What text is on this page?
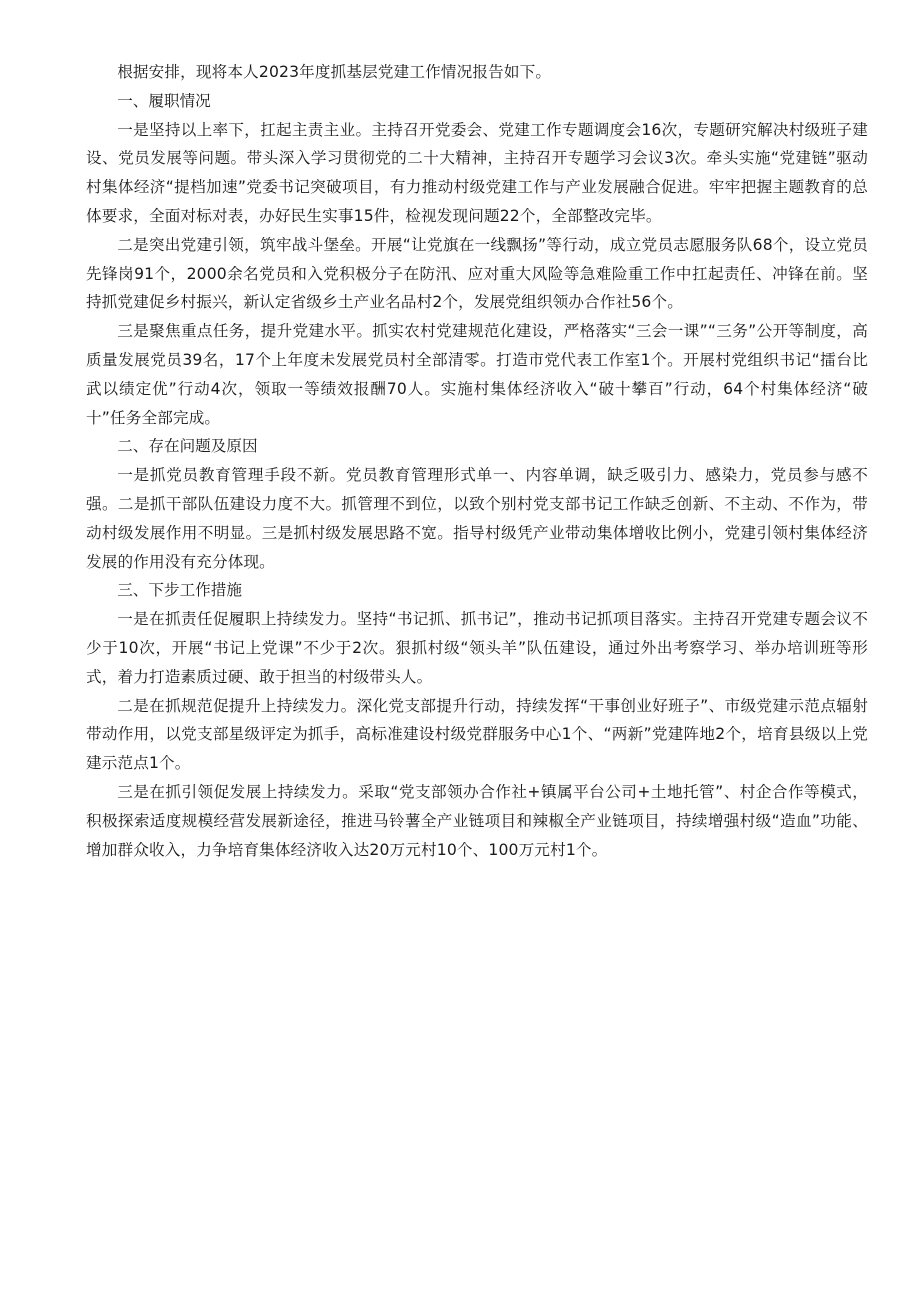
根据安排，现将本人2023年度抓基层党建工作情况报告如下。

一、履职情况

一是坚持以上率下，扛起主责主业。主持召开党委会、党建工作专题调度会16次，专题研究解决村级班子建设、党员发展等问题。带头深入学习贯彻党的二十大精神，主持召开专题学习会议3次。牵头实施“党建链”驱动村集体经济“提档加速”党委书记突破项目，有力推动村级党建工作与产业发展融合促进。牢牢把握主题教育的总体要求，全面对标对表，办好民生实事15件，检视发现问题22个，全部整改完毕。

二是突出党建引领，筑牢战斗堡垒。开展“让党旗在一线飘扬”等行动，成立党员志愿服务队68个，设立党员先锋岗91个，2000余名党员和入党积极分子在防汛、应对重大风险等急难险重工作中扛起责任、冲锋在前。坚持抓党建促乡村振兴，新认定省级乡土产业名品村2个，发展党组织领办合作社56个。

三是聚焦重点任务，提升党建水平。抓实农村党建规范化建设，严格落实“三会一课”“三务”公开等制度，高质量发展党员39名，17个上年度未发展党员村全部清零。打造市党代表工作室1个。开展村党组织书记“擂台比武以绩定优”行动4次，领取一等绩效报酬70人。实施村集体经济收入“破十攀百”行动，64个村集体经济“破十”任务全部完成。

二、存在问题及原因

一是抓党员教育管理手段不新。党员教育管理形式单一、内容单调，缺乏吸引力、感染力，党员参与感不强。二是抓干部队伍建设力度不大。抓管理不到位，以致个别村党支部书记工作缺乏创新、不主动、不作为，带动村级发展作用不明显。三是抓村级发展思路不宽。指导村级凭产业带动集体增收比例小，党建引领村集体经济发展的作用没有充分体现。

三、下步工作措施

一是在抓责任促履职上持续发力。坚持“书记抓、抓书记”，推动书记抓项目落实。主持召开党建专题会议不少于10次，开展“书记上党课”不少于2次。狠抓村级“领头羊”队伍建设，通过外出考察学习、举办培训班等形式，着力打造素质过硬、敢于担当的村级带头人。

二是在抓规范促提升上持续发力。深化党支部提升行动，持续发挥“干事创业好班子”、市级党建示范点辐射带动作用，以党支部星级评定为抓手，高标准建设村级党群服务中心1个、“两新”党建阵地2个，培育县级以上党建示范点1个。

三是在抓引领促发展上持续发力。采取“党支部领办合作社+镇属平台公司+土地托管”、村企合作等模式，积极探索适度规模经营发展新途径，推进马铃薯全产业链项目和辣椒全产业链项目，持续增强村级“造血”功能、增加群众收入，力争培育集体经济收入达20万元村10个、100万元村1个。
